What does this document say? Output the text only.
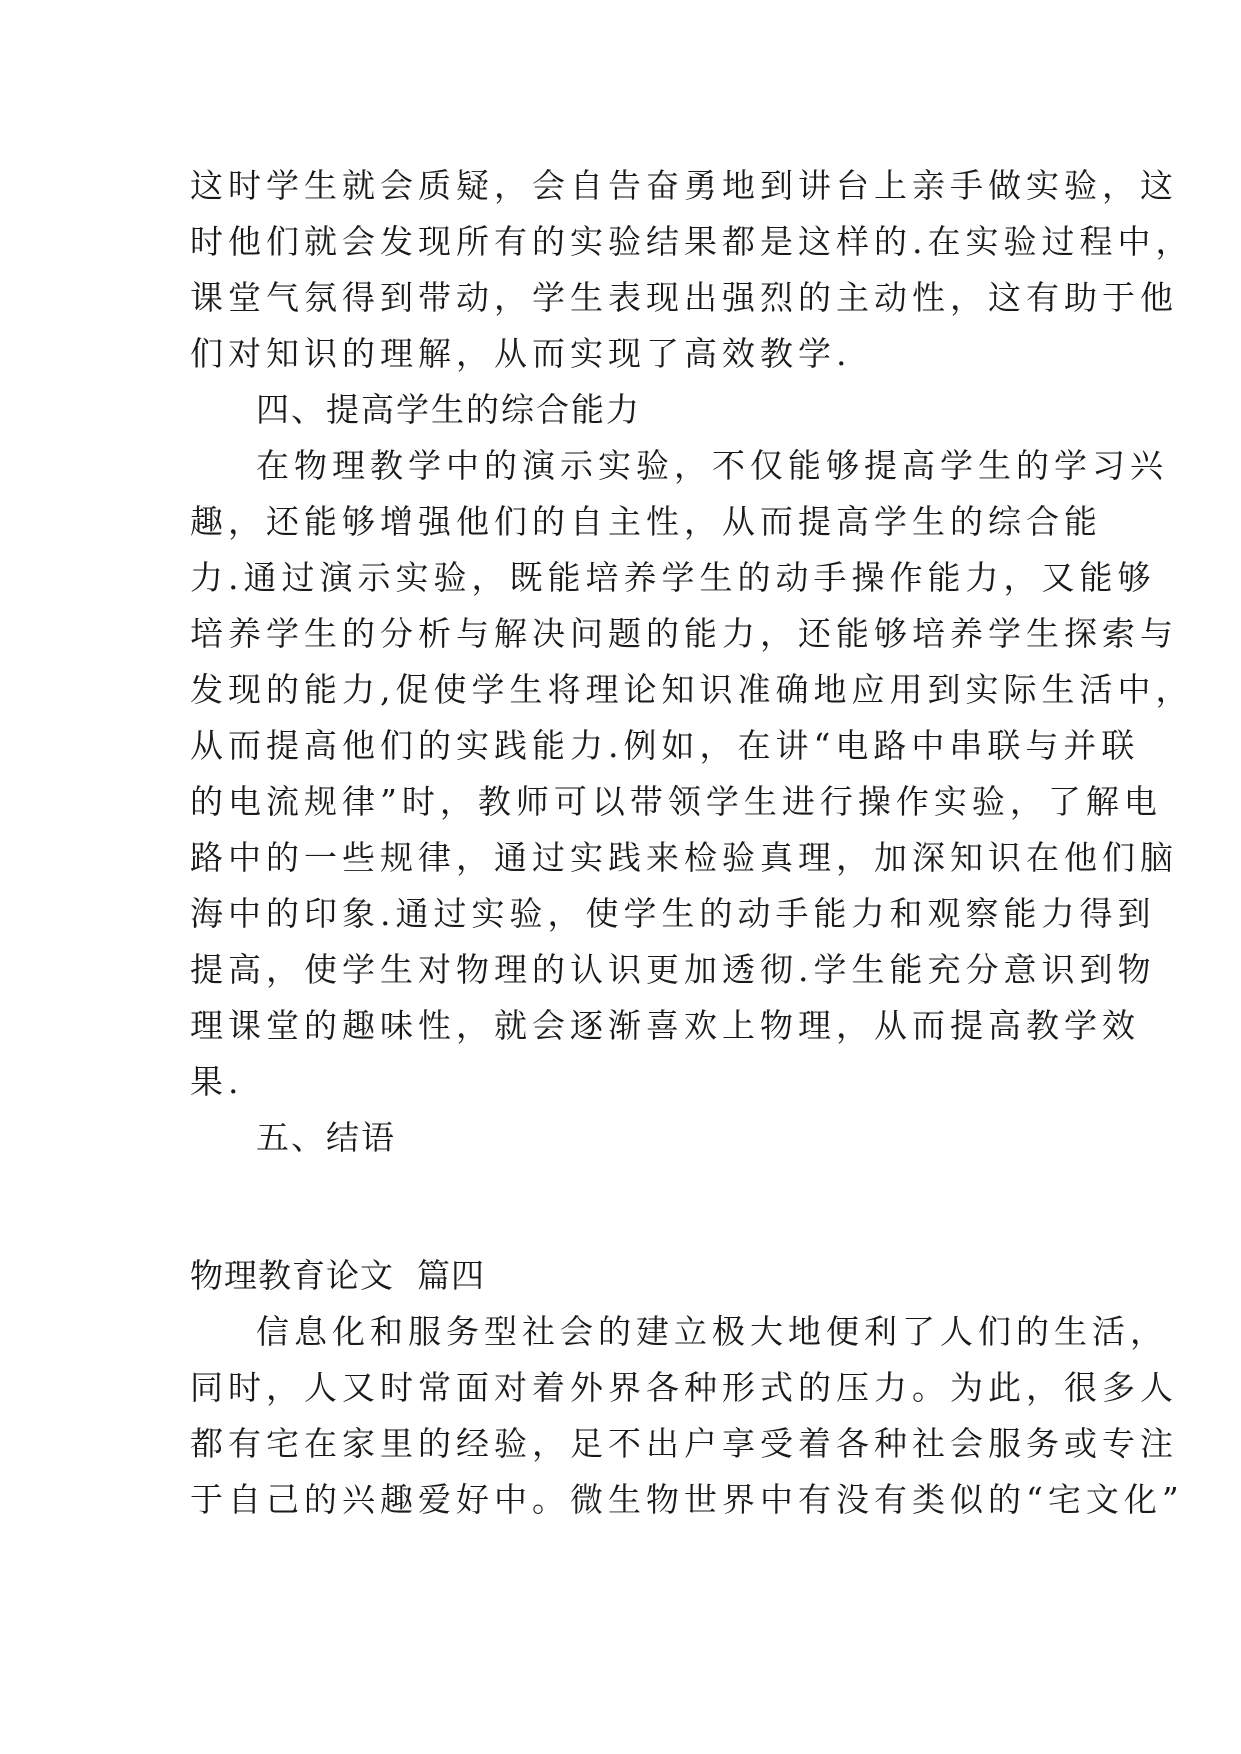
这时学生就会质疑，会自告奋勇地到讲台上亲手做实验，这
时他们就会发现所有的实验结果都是这样的.在实验过程中，
课堂气氛得到带动，学生表现出强烈的主动性，这有助于他
们对知识的理解，从而实现了高效教学.
四、提高学生的综合能力
在物理教学中的演示实验，不仅能够提高学生的学习兴
趣，还能够增强他们的自主性，从而提高学生的综合能
力.通过演示实验，既能培养学生的动手操作能力，又能够
培养学生的分析与解决问题的能力，还能够培养学生探索与
发现的能力,促使学生将理论知识准确地应用到实际生活中，
从而提高他们的实践能力.例如，在讲“电路中串联与并联
的电流规律”时，教师可以带领学生进行操作实验，了解电
路中的一些规律，通过实践来检验真理，加深知识在他们脑
海中的印象.通过实验，使学生的动手能力和观察能力得到
提高，使学生对物理的认识更加透彻.学生能充分意识到物
理课堂的趣味性，就会逐渐喜欢上物理，从而提高教学效
果.
五、结语
物理教育论文  篇四
信息化和服务型社会的建立极大地便利了人们的生活，
同时，人又时常面对着外界各种形式的压力。为此，很多人
都有宅在家里的经验，足不出户享受着各种社会服务或专注
于自己的兴趣爱好中。微生物世界中有没有类似的“宅文化”
